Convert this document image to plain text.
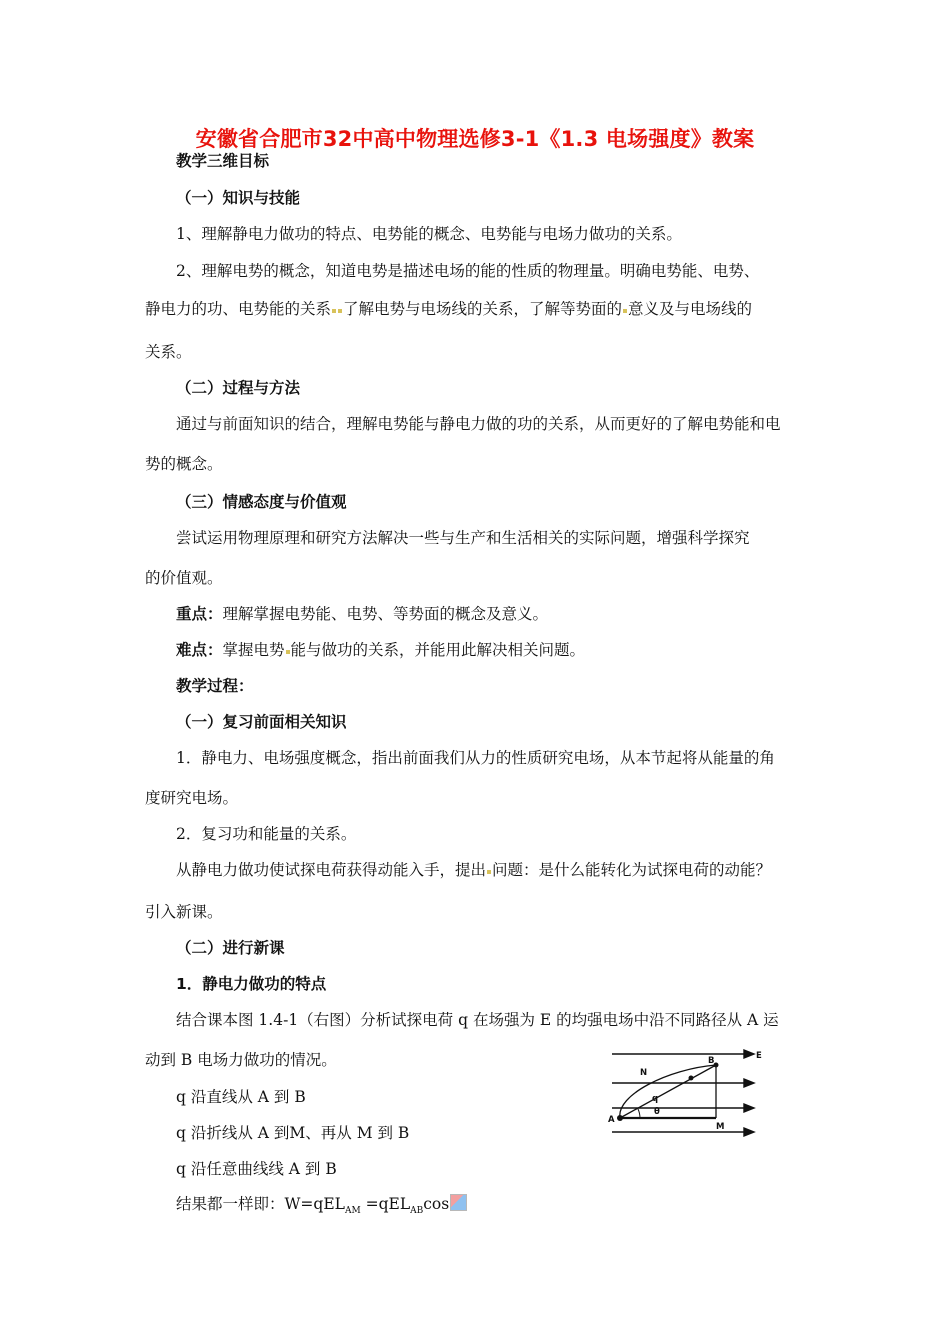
安徽省合肥市32中高中物理选修3-1《1.3 电场强度》教案
教学三维目标
（一）知识与技能
1、理解静电力做功的特点、电势能的概念、电势能与电场力做功的关系。
2、理解电势的概念，知道电势是描述电场的能的性质的物理量。明确电势能、电势、
静电力的功、电势能的关系 了解电势与电场线的关系，了解等势面的 意义及与电场线的
关系。
（二）过程与方法
通过与前面知识的结合，理解电势能与静电力做的功的关系，从而更好的了解电势能和电
势的概念。
（三）情感态度与价值观
尝试运用物理原理和研究方法解决一些与生产和生活相关的实际问题，增强科学探究
的价值观。
重点：理解掌握电势能、电势、等势面的概念及意义。
难点：掌握电势 能与做功的关系，并能用此解决相关问题。
教学过程：
（一）复习前面相关知识
1．静电力、电场强度概念，指出前面我们从力的性质研究电场，从本节起将从能量的角
度研究电场。
2．复习功和能量的关系。
从静电力做功使试探电荷获得动能入手，提出 问题：是什么能转化为试探电荷的动能？
引入新课。
（二）进行新课
1．静电力做功的特点
结合课本图 1.4-1（右图）分析试探电荷 q 在场强为 E 的均强电场中沿不同路径从 A 运
动到 B 电场力做功的情况。
q 沿直线从 A 到 B
q 沿折线从 A 到M、再从 M 到 B
q 沿任意曲线线 A 到 B
结果都一样即：W=qEL$_{AM}$ =qEL$_{AB}$cos
E
N
B
q
θ
A
M
